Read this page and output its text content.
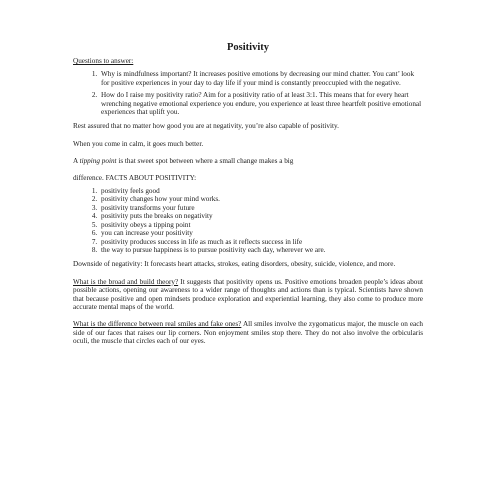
Positivity
Questions to answer:
1. Why is mindfulness important? It increases positive emotions by decreasing our mind chatter. You cant’ look for positive experiences in your day to day life if your mind is constantly preoccupied with the negative.
2. How do I raise my positivity ratio? Aim for a positivity ratio of at least 3:1. This means that for every heart wrenching negative emotional experience you endure, you experience at least three heartfelt positive emotional experiences that uplift you.

Rest assured that no matter how good you are at negativity, you’re also capable of positivity.

When you come in calm, it goes much better.

A tipping point is that sweet spot between where a small change makes a big

difference. FACTS ABOUT POSITIVITY:

1. positivity feels good
2. positivity changes how your mind works.
3. positivity transforms your future
4. positivity puts the breaks on negativity
5. positivity obeys a tipping point
6. you can increase your positivity
7. positivity produces success in life as much as it reflects success in life
8. the way to pursue happiness is to pursue positivity each day, wherever we are.

Downside of negativity: It forecasts heart attacks, strokes, eating disorders, obesity, suicide, violence, and more.

What is the broad and build theory? It suggests that positivity opens us. Positive emotions broaden people’s ideas about possible actions, opening our awareness to a wider range of thoughts and actions than is typical. Scientists have shown that because positive and open mindsets produce exploration and experiential learning, they also come to produce more accurate mental maps of the world.

What is the difference between real smiles and fake ones? All smiles involve the zygomaticus major, the muscle on each side of our faces that raises our lip corners. Non enjoyment smiles stop there. They do not also involve the orbicularis oculi, the muscle that circles each of our eyes.
